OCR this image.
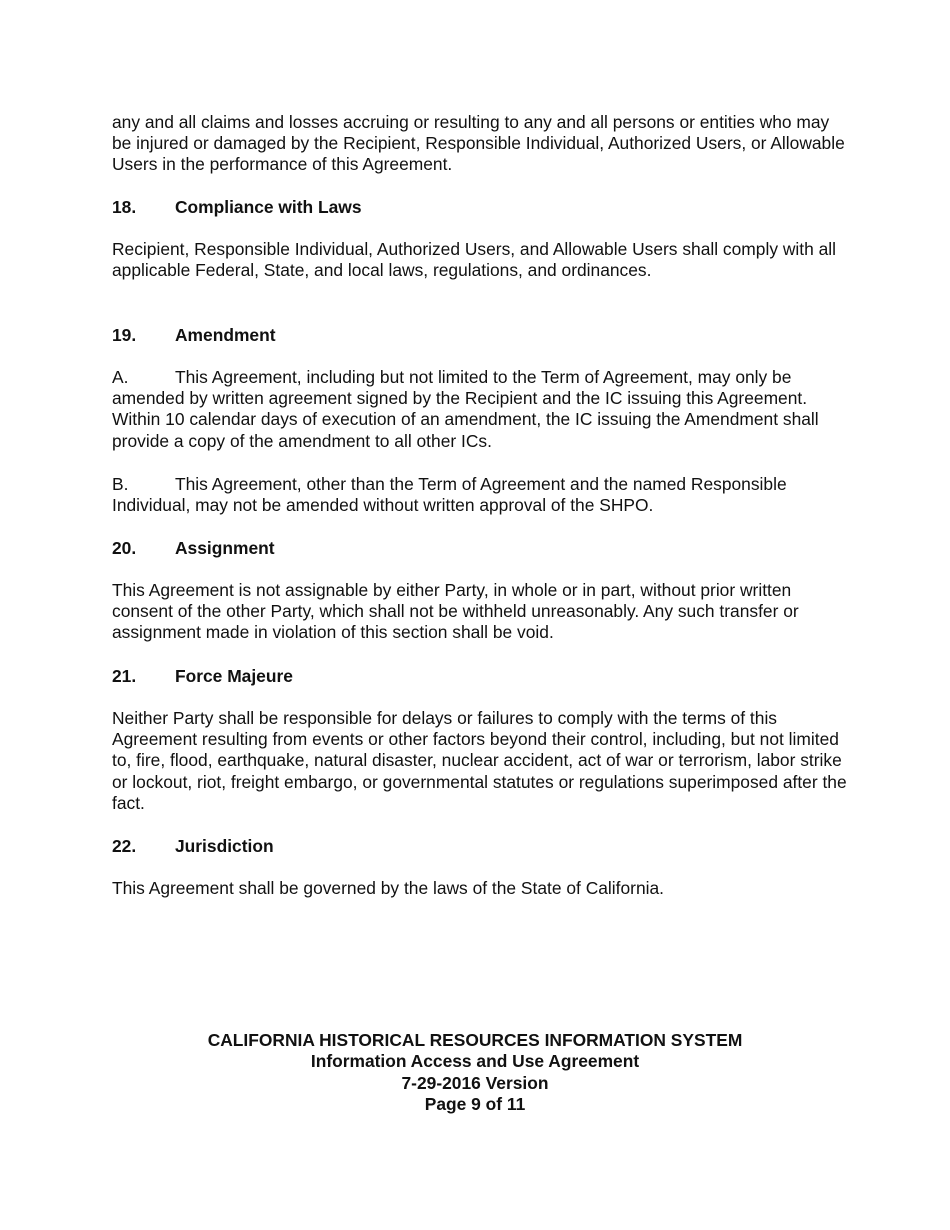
any and all claims and losses accruing or resulting to any and all persons or entities who may be injured or damaged by the Recipient, Responsible Individual, Authorized Users, or Allowable Users in the performance of this Agreement.

18. Compliance with Laws

Recipient, Responsible Individual, Authorized Users, and Allowable Users shall comply with all applicable Federal, State, and local laws, regulations, and ordinances.

19. Amendment

A.	This Agreement, including but not limited to the Term of Agreement, may only be amended by written agreement signed by the Recipient and the IC issuing this Agreement. Within 10 calendar days of execution of an amendment, the IC issuing the Amendment shall provide a copy of the amendment to all other ICs.

B.	This Agreement, other than the Term of Agreement and the named Responsible Individual, may not be amended without written approval of the SHPO.

20. Assignment

This Agreement is not assignable by either Party, in whole or in part, without prior written consent of the other Party, which shall not be withheld unreasonably. Any such transfer or assignment made in violation of this section shall be void.

21. Force Majeure

Neither Party shall be responsible for delays or failures to comply with the terms of this Agreement resulting from events or other factors beyond their control, including, but not limited to, fire, flood, earthquake, natural disaster, nuclear accident, act of war or terrorism, labor strike or lockout, riot, freight embargo, or governmental statutes or regulations superimposed after the fact.

22. Jurisdiction

This Agreement shall be governed by the laws of the State of California.

CALIFORNIA HISTORICAL RESOURCES INFORMATION SYSTEM
Information Access and Use Agreement
7-29-2016 Version
Page 9 of 11
